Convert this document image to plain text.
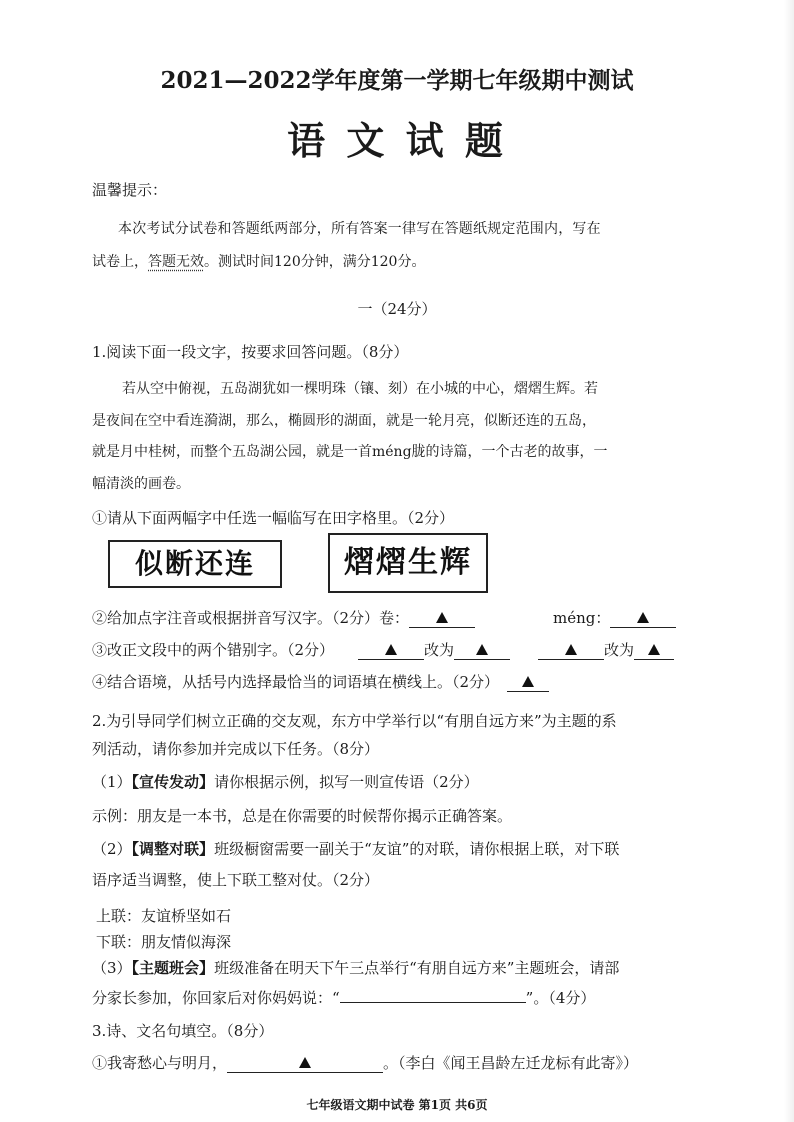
2021—2022学年度第一学期七年级期中测试
语 文 试 题
温馨提示：
本次考试分试卷和答题纸两部分，所有答案一律写在答题纸规定范围内，写在
试卷上，答题无效。测试时间120分钟，满分120分。
一（24分）
1.阅读下面一段文字，按要求回答问题。（8分）
若从空中俯视，五岛湖犹如一棵明珠（镶、刻）在小城的中心，熠熠生辉。若
是夜间在空中看连漪湖，那么，椭圆形的湖面，就是一轮月亮，似断还连的五岛，
就是月中桂树，而整个五岛湖公园，就是一首méng胧的诗篇，一个古老的故事，一
幅清淡的画卷。
①请从下面两幅字中任选一幅临写在田字格里。（2分）
似断还连	熠熠生辉
②给加点字注音或根据拼音写汉字。（2分）卷：	méng：
③改正文段中的两个错别字。（2分）	改为	改为
④结合语境，从括号内选择最恰当的词语填在横线上。（2分）
2.为引导同学们树立正确的交友观，东方中学举行以“有朋自远方来”为主题的系
列活动，请你参加并完成以下任务。（8分）
（1）【宣传发动】请你根据示例，拟写一则宣传语（2分）
示例：朋友是一本书，总是在你需要的时候帮你揭示正确答案。
（2）【调整对联】班级橱窗需要一副关于“友谊”的对联，请你根据上联，对下联
语序适当调整，使上下联工整对仗。（2分）
上联：友谊桥坚如石
下联：朋友情似海深
（3）【主题班会】班级准备在明天下午三点举行“有朋自远方来”主题班会，请部
分家长参加，你回家后对你妈妈说：“	”。（4分）
3.诗、文名句填空。（8分）
①我寄愁心与明月，	。（李白《闻王昌龄左迁龙标有此寄》）
七年级语文期中试卷 第1页 共6页
